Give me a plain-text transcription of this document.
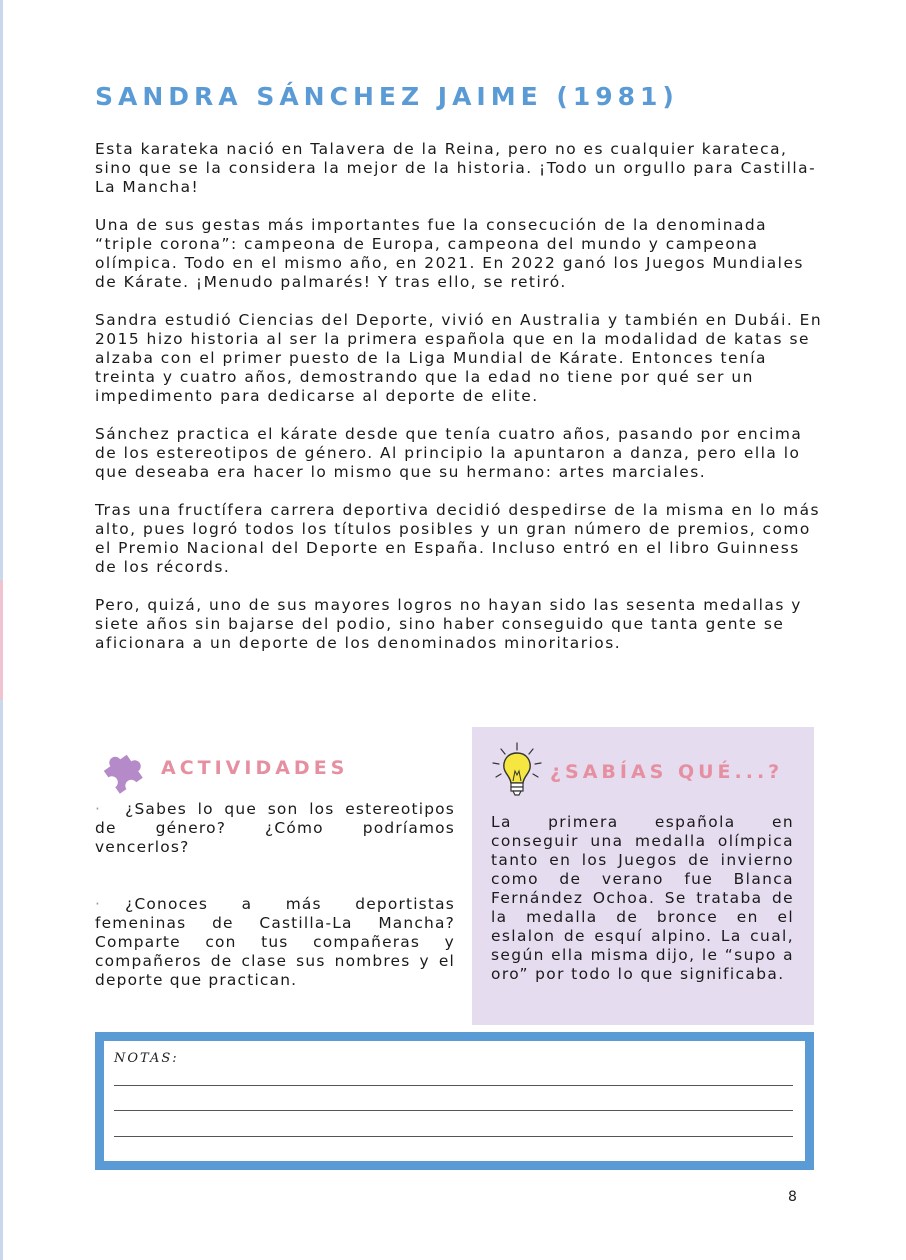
SANDRA SÁNCHEZ JAIME (1981)

Esta karateka nació en Talavera de la Reina, pero no es cualquier karateca, sino que se la considera la mejor de la historia. ¡Todo un orgullo para Castilla-La Mancha!

Una de sus gestas más importantes fue la consecución de la denominada “triple corona”: campeona de Europa, campeona del mundo y campeona olímpica. Todo en el mismo año, en 2021. En 2022 ganó los Juegos Mundiales de Kárate. ¡Menudo palmarés! Y tras ello, se retiró.

Sandra estudió Ciencias del Deporte, vivió en Australia y también en Dubái. En 2015 hizo historia al ser la primera española que en la modalidad de katas se alzaba con el primer puesto de la Liga Mundial de Kárate. Entonces tenía treinta y cuatro años, demostrando que la edad no tiene por qué ser un impedimento para dedicarse al deporte de elite.

Sánchez practica el kárate desde que tenía cuatro años, pasando por encima de los estereotipos de género. Al principio la apuntaron a danza, pero ella lo que deseaba era hacer lo mismo que su hermano: artes marciales.

Tras una fructífera carrera deportiva decidió despedirse de la misma en lo más alto, pues logró todos los títulos posibles y un gran número de premios, como el Premio Nacional del Deporte en España. Incluso entró en el libro Guinness de los récords.

Pero, quizá, uno de sus mayores logros no hayan sido las sesenta medallas y siete años sin bajarse del podio, sino haber conseguido que tanta gente se aficionara a un deporte de los denominados minoritarios.

ACTIVIDADES

· ¿Sabes lo que son los estereotipos de género? ¿Cómo podríamos vencerlos?

· ¿Conoces a más deportistas femeninas de Castilla-La Mancha? Comparte con tus compañeras y compañeros de clase sus nombres y el deporte que practican.

¿SABÍAS QUÉ...?

La primera española en conseguir una medalla olímpica tanto en los Juegos de invierno como de verano fue Blanca Fernández Ochoa. Se trataba de la medalla de bronce en el eslalon de esquí alpino. La cual, según ella misma dijo, le “supo a oro” por todo lo que significaba.

NOTAS:

8
